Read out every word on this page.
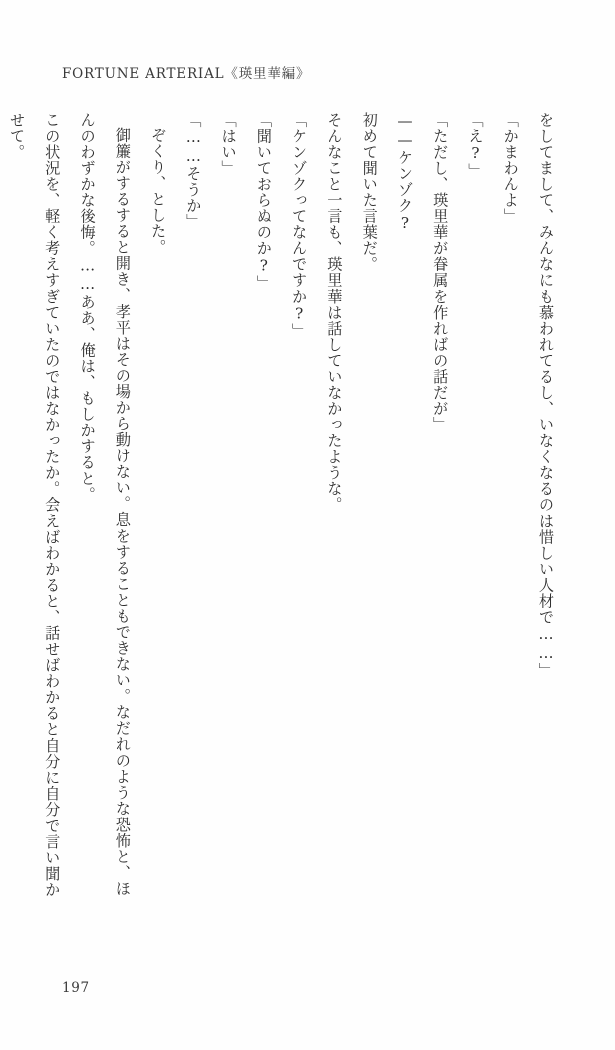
FORTUNE ARTERIAL《瑛里華編》

をしてまして、みんなにも慕われてるし、いなくなるのは惜しい人材で……」

「かまわんよ」

「え?」

「ただし、瑛里華が眷属を作ればの話だが」

——ケンゾク?

初めて聞いた言葉だ。

そんなこと一言も、瑛里華は話していなかったような。

「ケンゾクってなんですか?」

「聞いておらぬのか?」

「はい」

「……そうか」

ぞくり、とした。

御簾がするすると開き、孝平はその場から動けない。息をすることもできない。なだれのような恐怖と、ほんのわずかな後悔。……ああ、俺は、もしかすると。

この状況を、軽く考えすぎていたのではなかったか。会えばわかると、話せばわかると自分に自分で言い聞かせて。

197
